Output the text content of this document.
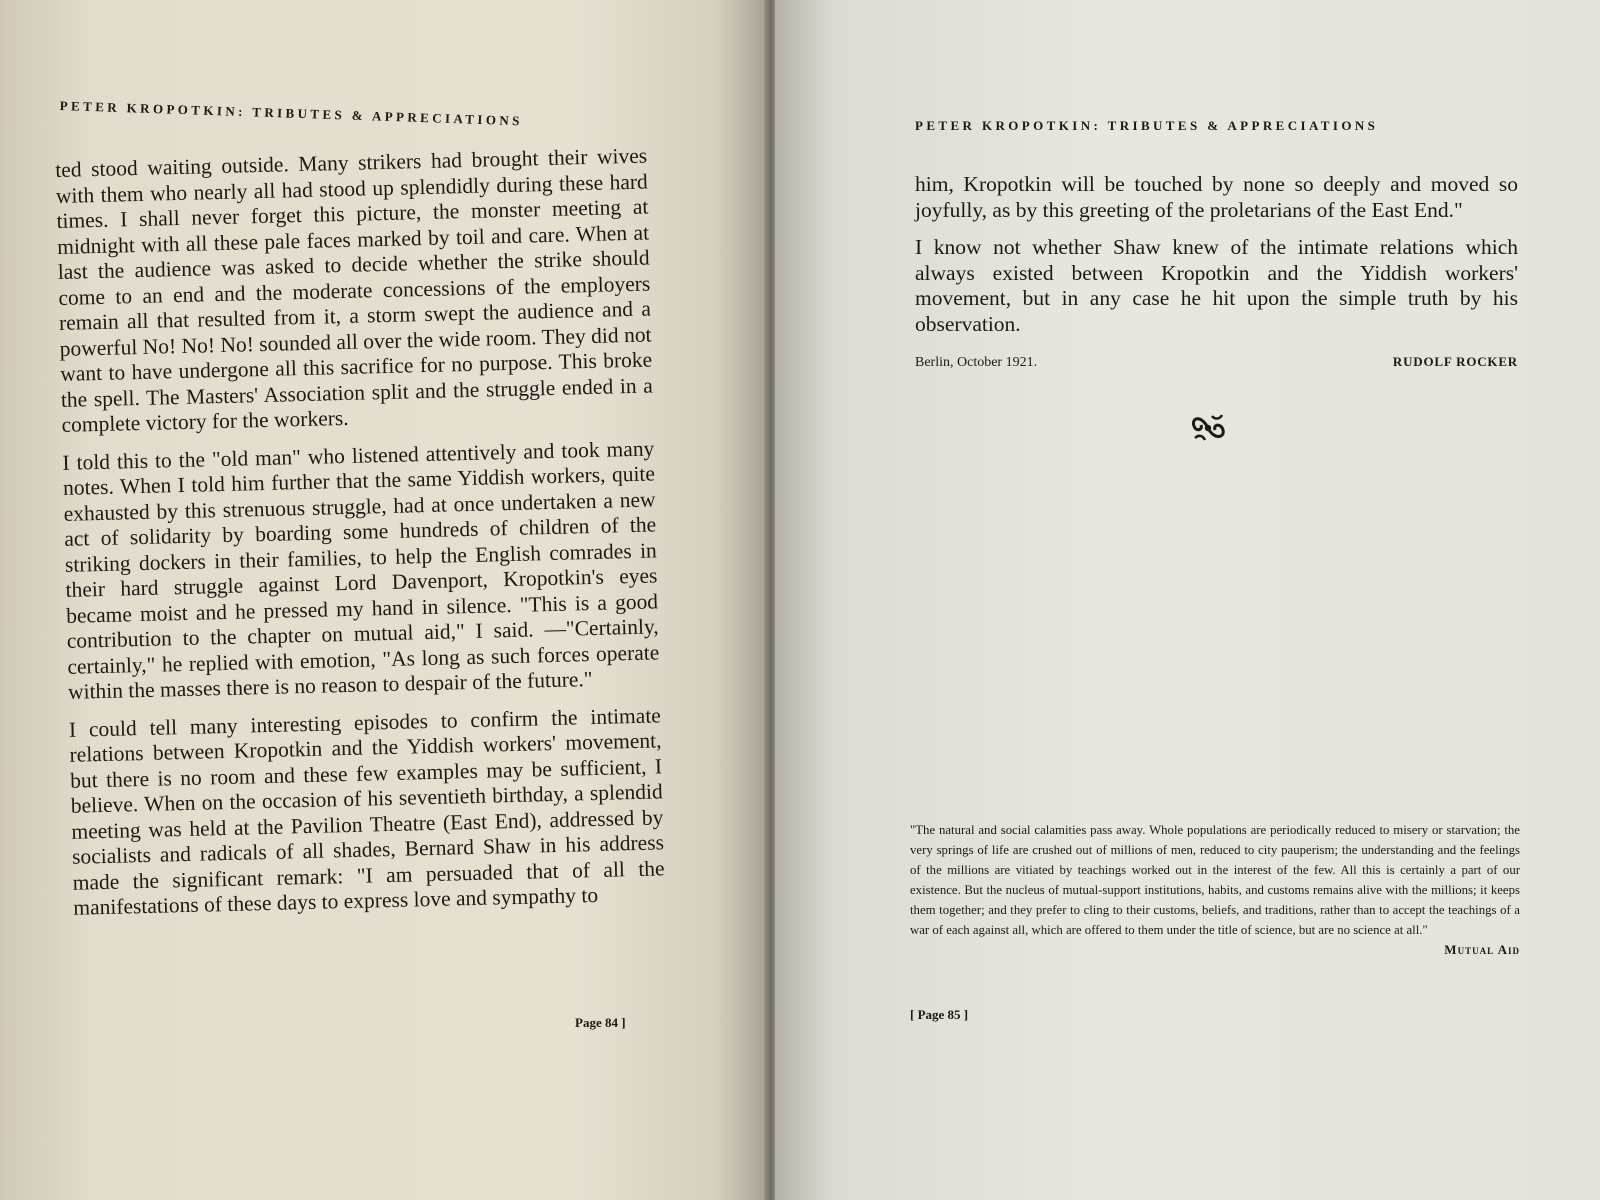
PETER KROPOTKIN: TRIBUTES & APPRECIATIONS

ted stood waiting outside. Many strikers had brought their wives with them who nearly all had stood up splendidly during these hard times. I shall never forget this picture, the monster meeting at midnight with all these pale faces marked by toil and care. When at last the audience was asked to decide whether the strike should come to an end and the moderate concessions of the employers remain all that resulted from it, a storm swept the audience and a powerful No! No! No! sounded all over the wide room. They did not want to have undergone all this sacrifice for no purpose. This broke the spell. The Masters' Association split and the struggle ended in a complete victory for the workers.

I told this to the "old man" who listened attentively and took many notes. When I told him further that the same Yiddish workers, quite exhausted by this strenuous struggle, had at once undertaken a new act of solidarity by boarding some hundreds of children of the striking dockers in their families, to help the English comrades in their hard struggle against Lord Davenport, Kropotkin's eyes became moist and he pressed my hand in silence. "This is a good contribution to the chapter on mutual aid," I said. —"Certainly, certainly," he replied with emotion, "As long as such forces operate within the masses there is no reason to despair of the future."

I could tell many interesting episodes to confirm the intimate relations between Kropotkin and the Yiddish workers' movement, but there is no room and these few examples may be sufficient, I believe. When on the occasion of his seventieth birthday, a splendid meeting was held at the Pavilion Theatre (East End), addressed by socialists and radicals of all shades, Bernard Shaw in his address made the significant remark: "I am persuaded that of all the manifestations of these days to express love and sympathy to

Page 84 ]
PETER KROPOTKIN: TRIBUTES & APPRECIATIONS

him, Kropotkin will be touched by none so deeply and moved so joyfully, as by this greeting of the proletarians of the East End."

I know not whether Shaw knew of the intimate relations which always existed between Kropotkin and the Yiddish workers' movement, but in any case he hit upon the simple truth by his observation.

Berlin, October 1921.	RUDOLF ROCKER
"The natural and social calamities pass away. Whole populations are periodically reduced to misery or starvation; the very springs of life are crushed out of millions of men, reduced to city pauperism; the understanding and the feelings of the millions are vitiated by teachings worked out in the interest of the few. All this is certainly a part of our existence. But the nucleus of mutual-support institutions, habits, and customs remains alive with the millions; it keeps them together; and they prefer to cling to their customs, beliefs, and traditions, rather than to accept the teachings of a war of each against all, which are offered to them under the title of science, but are no science at all."
Mutual Aid
[ Page 85 ]
